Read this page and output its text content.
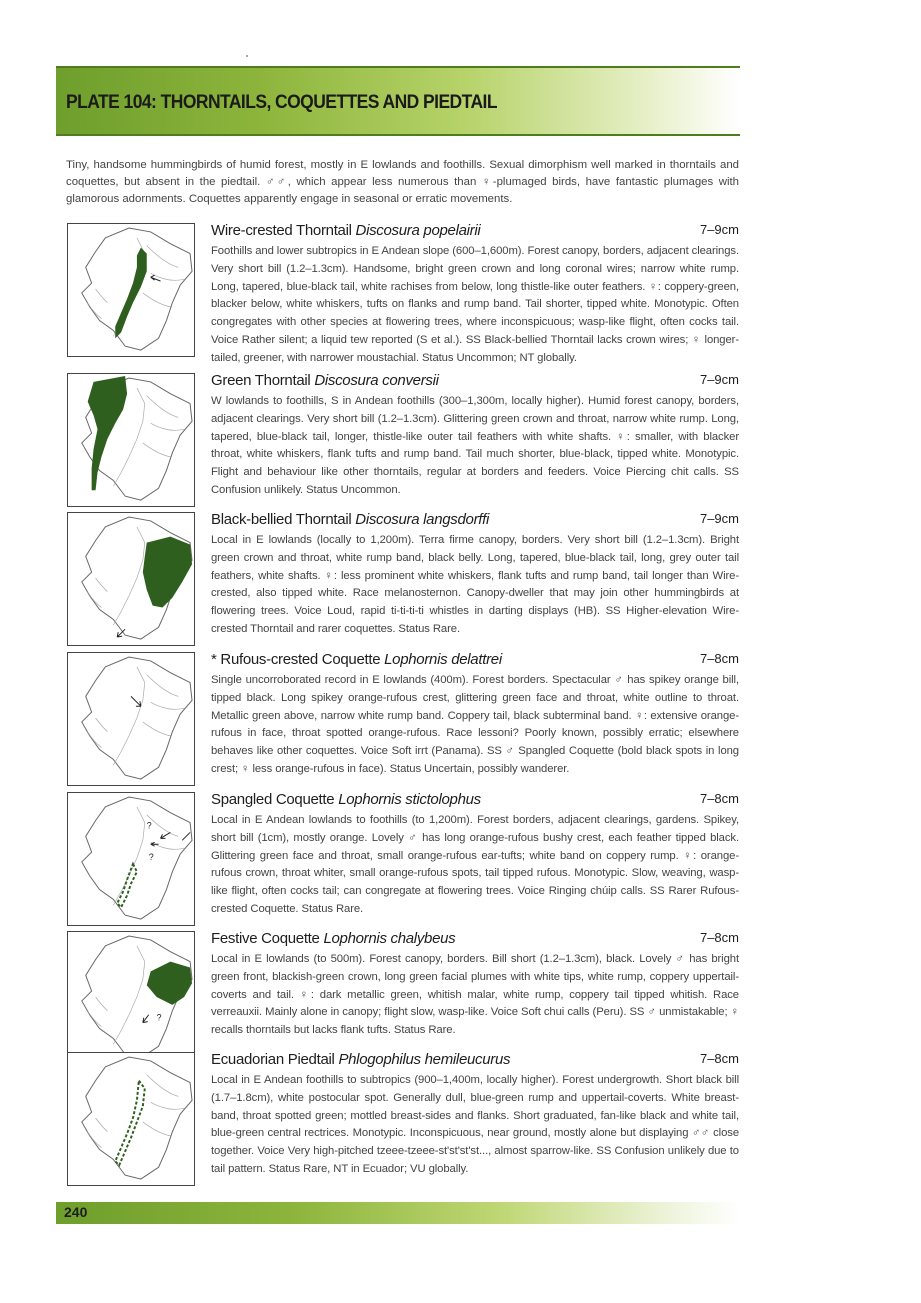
PLATE 104: THORNTAILS, COQUETTES AND PIEDTAIL

Tiny, handsome hummingbirds of humid forest, mostly in E lowlands and foothills. Sexual dimorphism well marked in thorntails and coquettes, but absent in the piedtail. ♂♂, which appear less numerous than ♀-plumaged birds, have fantastic plumages with glamorous adornments. Coquettes apparently engage in seasonal or erratic movements.

?
?
?
Wire-crested Thorntail Discosura popelairii	7–9cm

Foothills and lower subtropics in E Andean slope (600–1,600m). Forest canopy, borders, adjacent clearings. Very short bill (1.2–1.3cm). Handsome, bright green crown and long coronal wires; narrow white rump. Long, tapered, blue-black tail, white rachises from below, long thistle-like outer feathers. ♀: coppery-green, blacker below, white whiskers, tufts on flanks and rump band. Tail shorter, tipped white. Monotypic. Often congregates with other species at flowering trees, where inconspicuous; wasp-like flight, often cocks tail. Voice Rather silent; a liquid tew reported (S et al.). SS Black-bellied Thorntail lacks crown wires; ♀ longer-tailed, greener, with narrower moustachial. Status Uncommon; NT globally.

Green Thorntail Discosura conversii	7–9cm

W lowlands to foothills, S in Andean foothills (300–1,300m, locally higher). Humid forest canopy, borders, adjacent clearings. Very short bill (1.2–1.3cm). Glittering green crown and throat, narrow white rump. Long, tapered, blue-black tail, longer, thistle-like outer tail feathers with white shafts. ♀: smaller, with blacker throat, white whiskers, flank tufts and rump band. Tail much shorter, blue-black, tipped white. Monotypic. Flight and behaviour like other thorntails, regular at borders and feeders. Voice Piercing chit calls. SS Confusion unlikely. Status Uncommon.

Black-bellied Thorntail Discosura langsdorffi	7–9cm

Local in E lowlands (locally to 1,200m). Terra firme canopy, borders. Very short bill (1.2–1.3cm). Bright green crown and throat, white rump band, black belly. Long, tapered, blue-black tail, long, grey outer tail feathers, white shafts. ♀: less prominent white whiskers, flank tufts and rump band, tail longer than Wire-crested, also tipped white. Race melanosternon. Canopy-dweller that may join other hummingbirds at flowering trees. Voice Loud, rapid ti-ti-ti-ti whistles in darting displays (HB). SS Higher-elevation Wire-crested Thorntail and rarer coquettes. Status Rare.

* Rufous-crested Coquette Lophornis delattrei	7–8cm

Single uncorroborated record in E lowlands (400m). Forest borders. Spectacular ♂ has spikey orange bill, tipped black. Long spikey orange-rufous crest, glittering green face and throat, white outline to throat. Metallic green above, narrow white rump band. Coppery tail, black subterminal band. ♀: extensive orange-rufous in face, throat spotted orange-rufous. Race lessoni? Poorly known, possibly erratic; elsewhere behaves like other coquettes. Voice Soft irrt (Panama). SS ♂ Spangled Coquette (bold black spots in long crest; ♀ less orange-rufous in face). Status Uncertain, possibly wanderer.

Spangled Coquette Lophornis stictolophus	7–8cm

Local in E Andean lowlands to foothills (to 1,200m). Forest borders, adjacent clearings, gardens. Spikey, short bill (1cm), mostly orange. Lovely ♂ has long orange-rufous bushy crest, each feather tipped black. Glittering green face and throat, small orange-rufous ear-tufts; white band on coppery rump. ♀: orange-rufous crown, throat whiter, small orange-rufous spots, tail tipped rufous. Monotypic. Slow, weaving, wasp-like flight, often cocks tail; can congregate at flowering trees. Voice Ringing chúip calls. SS Rarer Rufous-crested Coquette. Status Rare.

Festive Coquette Lophornis chalybeus	7–8cm

Local in E lowlands (to 500m). Forest canopy, borders. Bill short (1.2–1.3cm), black. Lovely ♂ has bright green front, blackish-green crown, long green facial plumes with white tips, white rump, coppery uppertail-coverts and tail. ♀: dark metallic green, whitish malar, white rump, coppery tail tipped whitish. Race verreauxii. Mainly alone in canopy; flight slow, wasp-like. Voice Soft chui calls (Peru). SS ♂ unmistakable; ♀ recalls thorntails but lacks flank tufts. Status Rare.

Ecuadorian Piedtail Phlogophilus hemileucurus	7–8cm

Local in E Andean foothills to subtropics (900–1,400m, locally higher). Forest undergrowth. Short black bill (1.7–1.8cm), white postocular spot. Generally dull, blue-green rump and uppertail-coverts. White breast-band, throat spotted green; mottled breast-sides and flanks. Short graduated, fan-like black and white tail, blue-green central rectrices. Monotypic. Inconspicuous, near ground, mostly alone but displaying ♂♂ close together. Voice Very high-pitched tzeee-tzeee-st'st'st'st..., almost sparrow-like. SS Confusion unlikely due to tail pattern. Status Rare, NT in Ecuador; VU globally.

240
